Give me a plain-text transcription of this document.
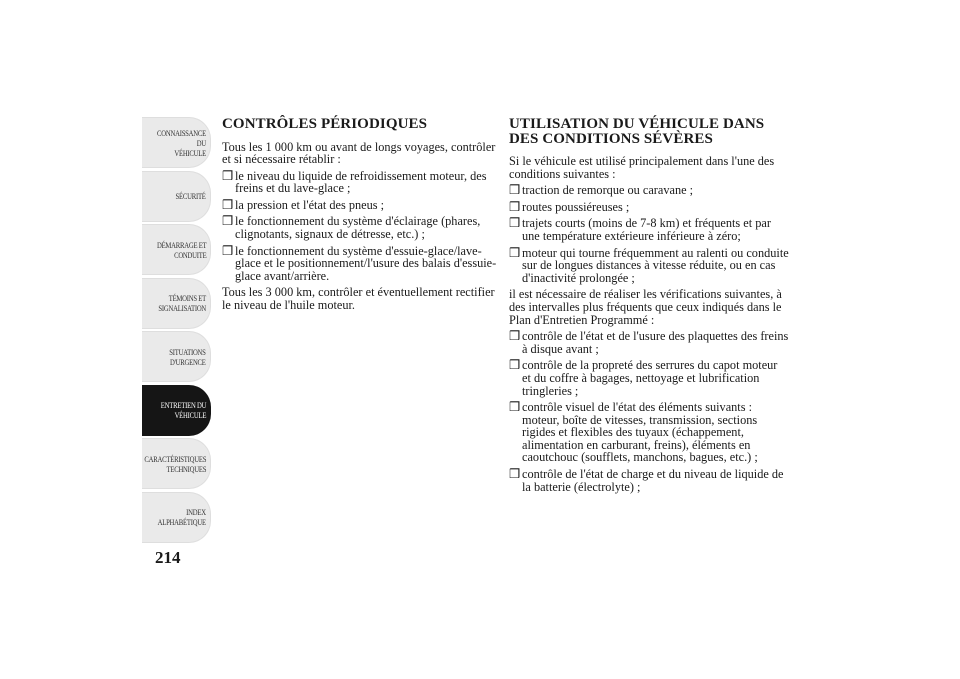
CONNAISSANCE DU
VÉHICULE
SÉCURITÉ
DÉMARRAGE ET
CONDUITE
TÉMOINS ET
SIGNALISATION
SITUATIONS
D'URGENCE
ENTRETIEN DU
VÉHICULE
CARACTÉRISTIQUES
TECHNIQUES
INDEX
ALPHABÉTIQUE
214
CONTRÔLES PÉRIODIQUES

Tous les 1 000 km ou avant de longs voyages, contrôler et si nécessaire rétablir :

❒ le niveau du liquide de refroidissement moteur, des freins et du lave-glace ;
❒ la pression et l'état des pneus ;
❒ le fonctionnement du système d'éclairage (phares, clignotants, signaux de détresse, etc.) ;
❒ le fonctionnement du système d'essuie-glace/lave-glace et le positionnement/l'usure des balais d'essuie-glace avant/arrière.

Tous les 3 000 km, contrôler et éventuellement rectifier le niveau de l'huile moteur.

UTILISATION DU VÉHICULE DANS DES CONDITIONS SÉVÈRES

Si le véhicule est utilisé principalement dans l'une des conditions suivantes :

❒ traction de remorque ou caravane ;
❒ routes poussiéreuses ;
❒ trajets courts (moins de 7-8 km) et fréquents et par une température extérieure inférieure à zéro;
❒ moteur qui tourne fréquemment au ralenti ou conduite sur de longues distances à vitesse réduite, ou en cas d'inactivité prolongée ;

il est nécessaire de réaliser les vérifications suivantes, à des intervalles plus fréquents que ceux indiqués dans le Plan d'Entretien Programmé :

❒ contrôle de l'état et de l'usure des plaquettes des freins à disque avant ;
❒ contrôle de la propreté des serrures du capot moteur et du coffre à bagages, nettoyage et lubrification tringleries ;
❒ contrôle visuel de l'état des éléments suivants : moteur, boîte de vitesses, transmission, sections rigides et flexibles des tuyaux (échappement, alimentation en carburant, freins), éléments en caoutchouc (soufflets, manchons, bagues, etc.) ;
❒ contrôle de l'état de charge et du niveau de liquide de la batterie (électrolyte) ;
